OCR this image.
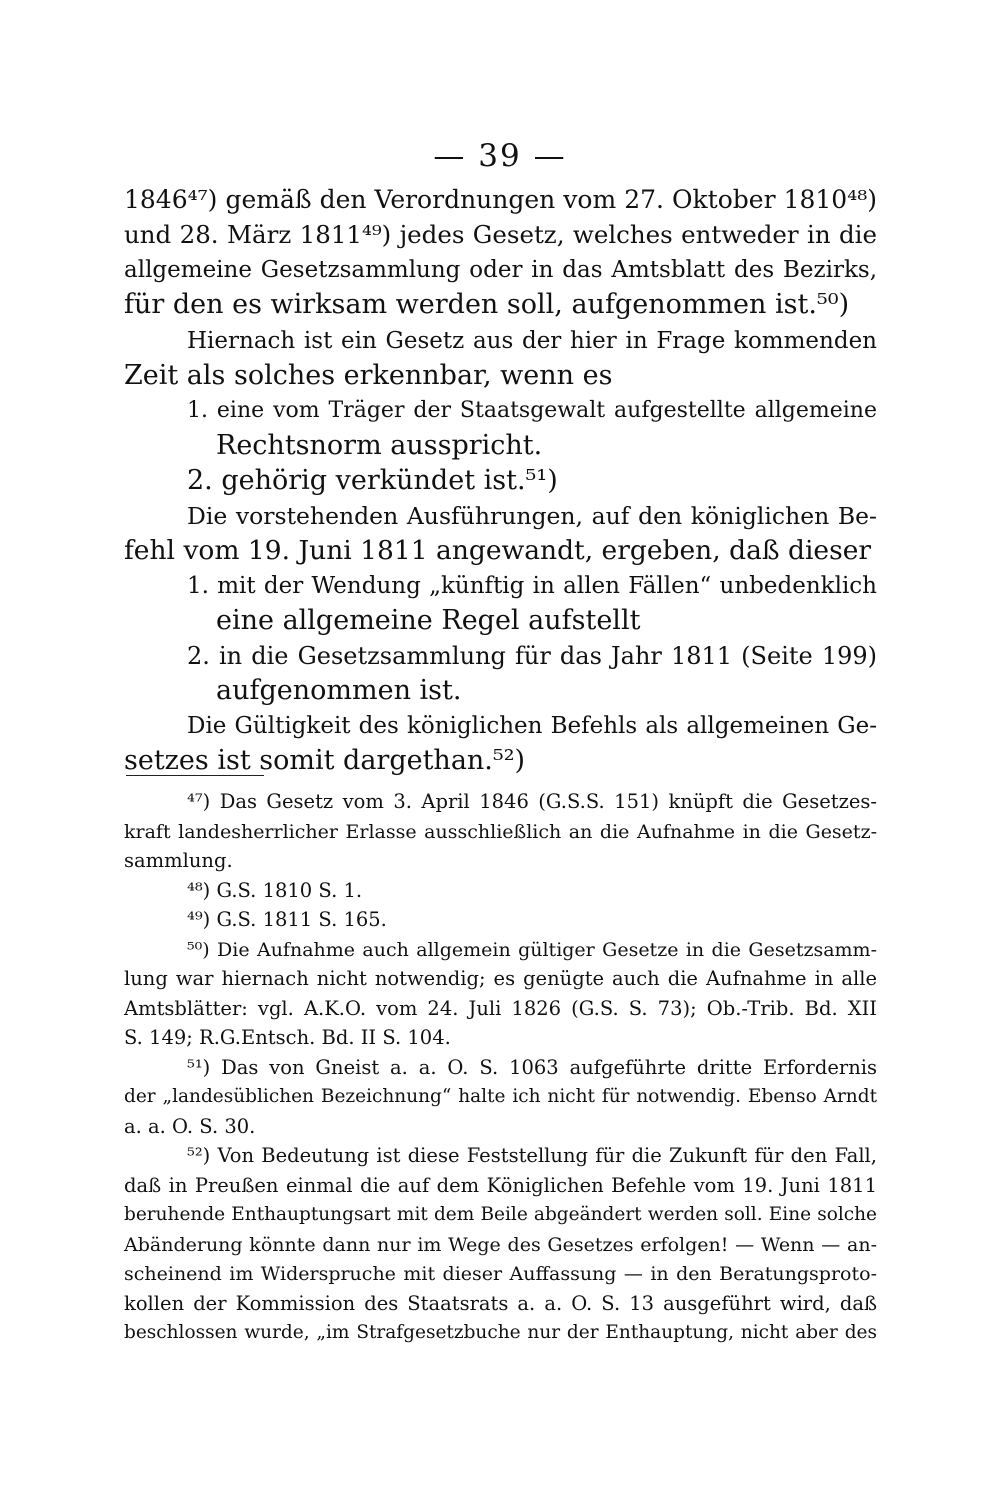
— 39 —
1846⁴⁷) gemäß den Verordnungen vom 27. Oktober 1810⁴⁸)
und 28. März 1811⁴⁹) jedes Gesetz, welches entweder in die
allgemeine Gesetzsammlung oder in das Amtsblatt des Bezirks,
für den es wirksam werden soll, aufgenommen ist.⁵⁰)
Hiernach ist ein Gesetz aus der hier in Frage kommenden
Zeit als solches erkennbar, wenn es
1. eine vom Träger der Staatsgewalt aufgestellte allgemeine
Rechtsnorm ausspricht.
2. gehörig verkündet ist.⁵¹)
Die vorstehenden Ausführungen, auf den königlichen Be-
fehl vom 19. Juni 1811 angewandt, ergeben, daß dieser
1. mit der Wendung „künftig in allen Fällen“ unbedenklich
eine allgemeine Regel aufstellt
2. in die Gesetzsammlung für das Jahr 1811 (Seite 199)
aufgenommen ist.
Die Gültigkeit des königlichen Befehls als allgemeinen Ge-
setzes ist somit dargethan.⁵²)
⁴⁷) Das Gesetz vom 3. April 1846 (G.S.S. 151) knüpft die Gesetzes-
kraft landesherrlicher Erlasse ausschließlich an die Aufnahme in die Gesetz-
sammlung.
⁴⁸) G.S. 1810 S. 1.
⁴⁹) G.S. 1811 S. 165.
⁵⁰) Die Aufnahme auch allgemein gültiger Gesetze in die Gesetzsamm-
lung war hiernach nicht notwendig; es genügte auch die Aufnahme in alle
Amtsblätter: vgl. A.K.O. vom 24. Juli 1826 (G.S. S. 73); Ob.-Trib. Bd. XII
S. 149; R.G.Entsch. Bd. II S. 104.
⁵¹) Das von Gneist a. a. O. S. 1063 aufgeführte dritte Erfordernis
der „landesüblichen Bezeichnung“ halte ich nicht für notwendig. Ebenso Arndt
a. a. O. S. 30.
⁵²) Von Bedeutung ist diese Feststellung für die Zukunft für den Fall,
daß in Preußen einmal die auf dem Königlichen Befehle vom 19. Juni 1811
beruhende Enthauptungsart mit dem Beile abgeändert werden soll. Eine solche
Abänderung könnte dann nur im Wege des Gesetzes erfolgen! — Wenn — an-
scheinend im Widerspruche mit dieser Auffassung — in den Beratungsproto-
kollen der Kommission des Staatsrats a. a. O. S. 13 ausgeführt wird, daß
beschlossen wurde, „im Strafgesetzbuche nur der Enthauptung, nicht aber des
